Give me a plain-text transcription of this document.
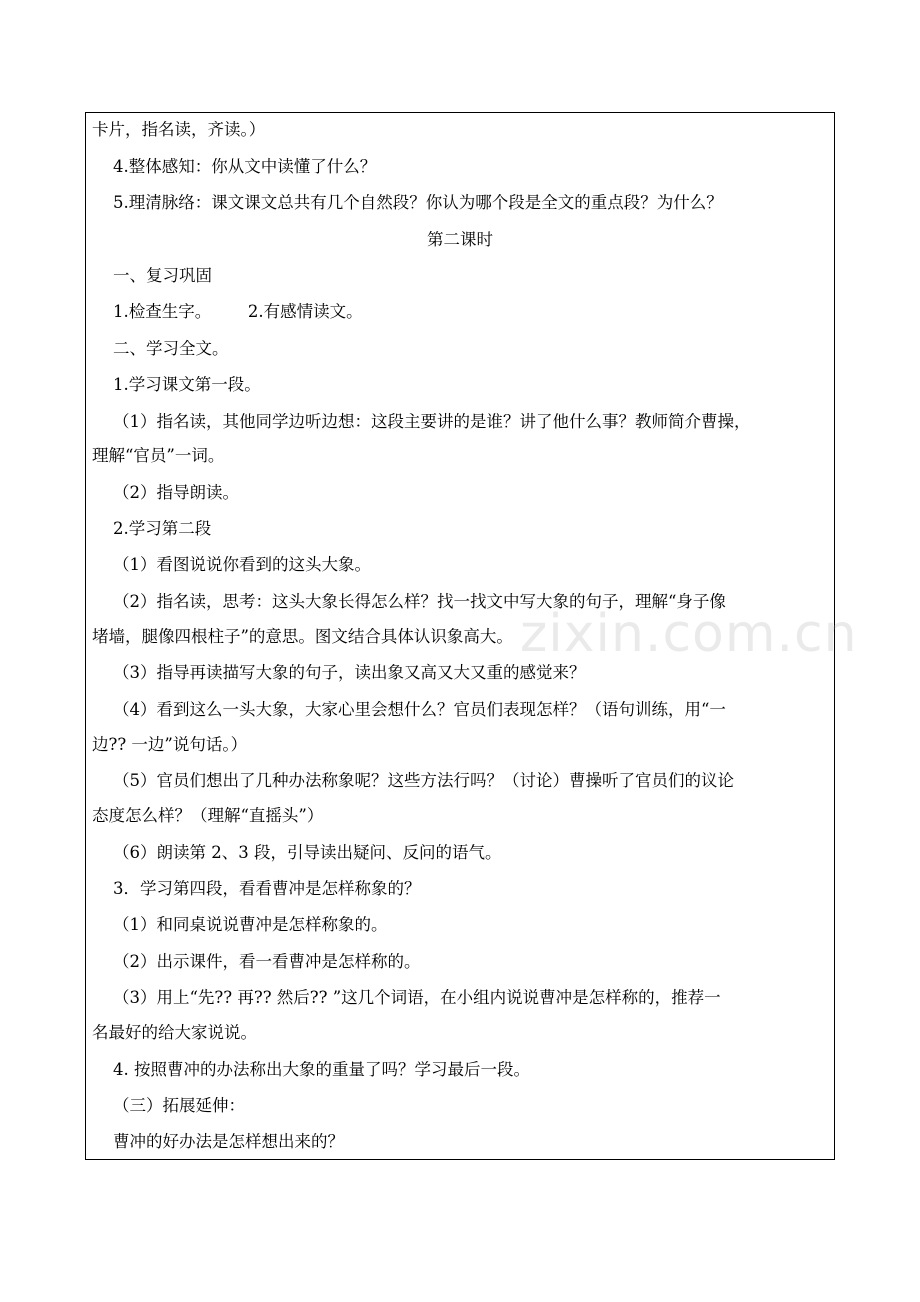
卡片，指名读，齐读。）
4.整体感知：你从文中读懂了什么？
5.理清脉络：课文课文总共有几个自然段？你认为哪个段是全文的重点段？为什么？
第二课时
一、复习巩固
1.检查生字。       2.有感情读文。
二、学习全文。
1.学习课文第一段。
（1）指名读，其他同学边听边想：这段主要讲的是谁？讲了他什么事？教师简介曹操，
理解“官员”一词。
（2）指导朗读。
2.学习第二段
（1）看图说说你看到的这头大象。
（2）指名读，思考：这头大象长得怎么样？找一找文中写大象的句子，理解“身子像
堵墙，腿像四根柱子”的意思。图文结合具体认识象高大。
（3）指导再读描写大象的句子，读出象又高又大又重的感觉来？
（4）看到这么一头大象，大家心里会想什么？官员们表现怎样？（语句训练，用“一
边?? 一边”说句话。）
（5）官员们想出了几种办法称象呢？这些方法行吗？（讨论）曹操听了官员们的议论
态度怎么样？（理解“直摇头”）
（6）朗读第 2、3 段，引导读出疑问、反问的语气。
3．学习第四段，看看曹冲是怎样称象的？
（1）和同桌说说曹冲是怎样称象的。
（2）出示课件，看一看曹冲是怎样称的。
（3）用上“先?? 再?? 然后?? ”这几个词语，在小组内说说曹冲是怎样称的，推荐一
名最好的给大家说说。
4. 按照曹冲的办法称出大象的重量了吗？学习最后一段。
（三）拓展延伸：
曹冲的好办法是怎样想出来的？
zixin.com.cn
